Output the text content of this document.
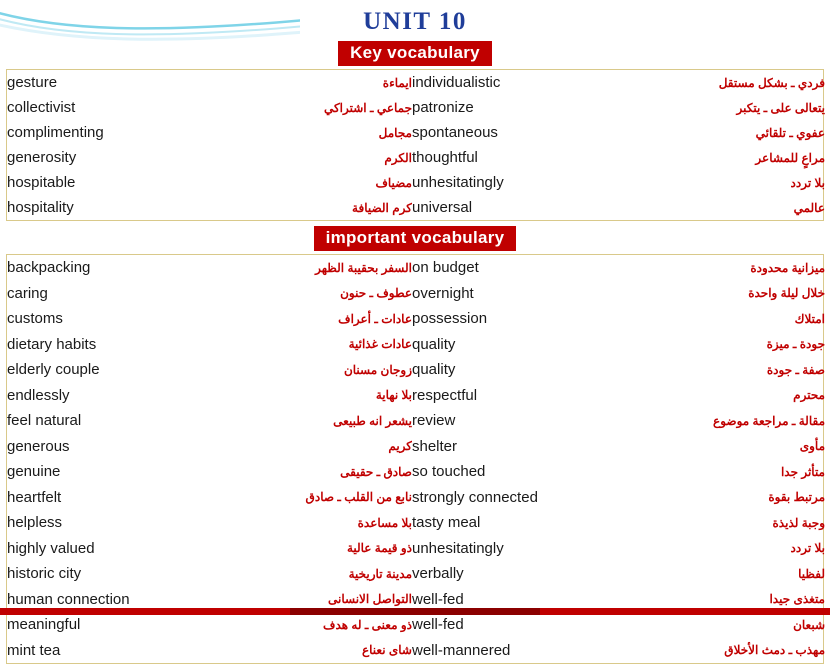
UNIT 10
Key vocabulary
gesture	ايماءة	individualistic	فردي ـ بشكل مستقل
collectivist	جماعي ـ اشتراكي	patronize	يتعالى على ـ يتكبر
complimenting	مجامل	spontaneous	عفوي ـ تلقائي
generosity	الكرم	thoughtful	مراعٍ للمشاعر
hospitable	مضياف	unhesitatingly	بلا تردد
hospitality	كرم الضيافة	universal	عالمي
important vocabulary
backpacking	السفر بحقيبة الظهر	on budget	ميزانية محدودة
caring	عطوف ـ حنون	overnight	خلال ليلة واحدة
customs	عادات ـ أعراف	possession	امتلاك
dietary habits	عادات غذائية	quality	جودة ـ ميزة
elderly couple	زوجان مسنان	quality	صفة ـ جودة
endlessly	بلا نهاية	respectful	محترم
feel natural	يشعر انه طبيعى	review	مقالة ـ مراجعة موضوع
generous	كريم	shelter	مأوى
genuine	صادق ـ حقيقى	so touched	متأثر جدا
heartfelt	نابع من القلب ـ صادق	strongly connected	مرتبط بقوة
helpless	بلا مساعدة	tasty meal	وجبة لذيذة
highly valued	ذو قيمة عالية	unhesitatingly	بلا تردد
historic city	مدينة تاريخية	verbally	لفظيا
human connection	التواصل الانسانى	well-fed	متغذى جيدا
meaningful	ذو معنى ـ له هدف	well-fed	شبعان
mint tea	شاى نعناع	well-mannered	مهذب ـ دمث الأخلاق
